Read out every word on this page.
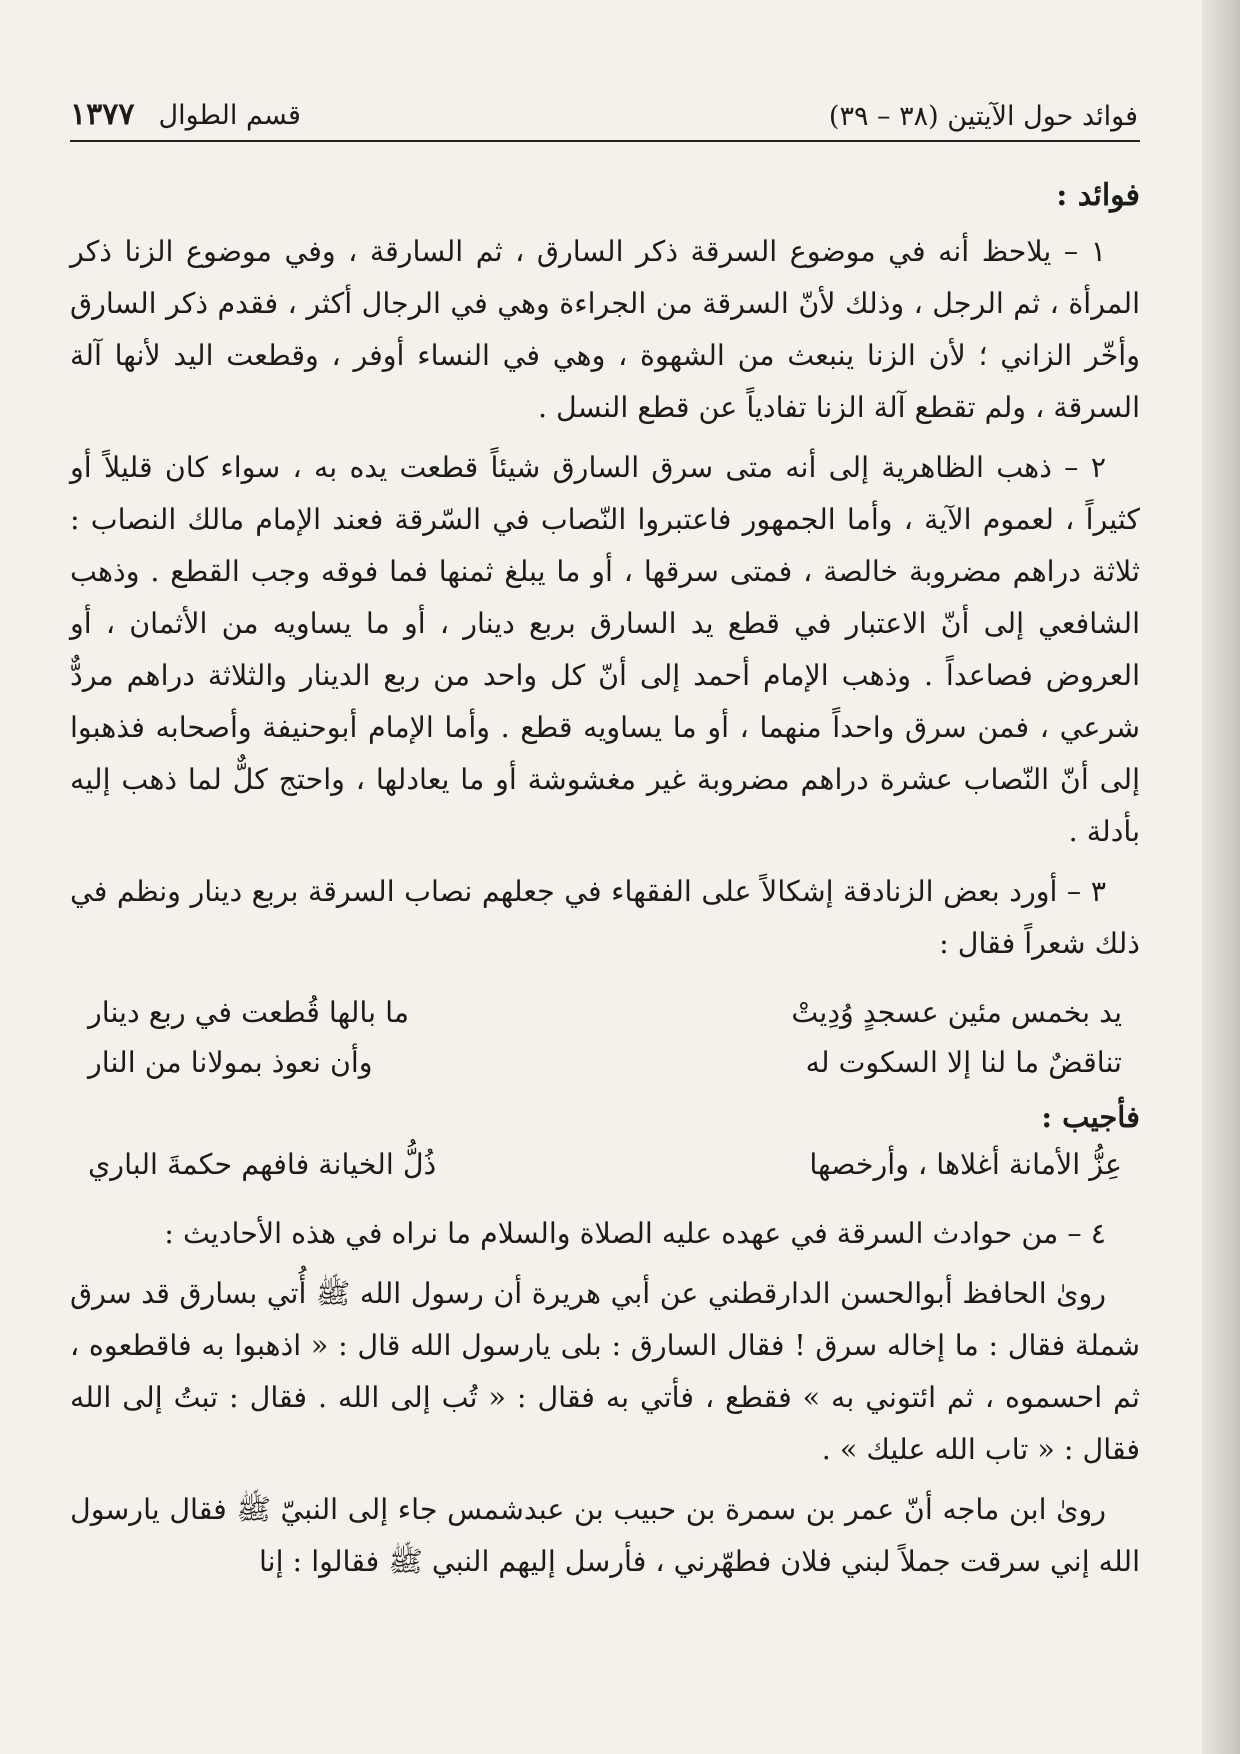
فوائد حول الآيتين (٣٨ – ٣٩)
قسم الطوال
١٣٧٧
فوائد :

١ – يلاحظ أنه في موضوع السرقة ذكر السارق ، ثم السارقة ، وفي موضوع الزنا ذكر المرأة ، ثم الرجل ، وذلك لأنّ السرقة من الجراءة وهي في الرجال أكثر ، فقدم ذكر السارق وأخّر الزاني ؛ لأن الزنا ينبعث من الشهوة ، وهي في النساء أوفر ، وقطعت اليد لأنها آلة السرقة ، ولم تقطع آلة الزنا تفادياً عن قطع النسل .

٢ – ذهب الظاهرية إلى أنه متى سرق السارق شيئاً قطعت يده به ، سواء كان قليلاً أو كثيراً ، لعموم الآية ، وأما الجمهور فاعتبروا النّصاب في السّرقة فعند الإمام مالك النصاب : ثلاثة دراهم مضروبة خالصة ، فمتى سرقها ، أو ما يبلغ ثمنها فما فوقه وجب القطع . وذهب الشافعي إلى أنّ الاعتبار في قطع يد السارق بربع دينار ، أو ما يساويه من الأثمان ، أو العروض فصاعداً . وذهب الإمام أحمد إلى أنّ كل واحد من ربع الدينار والثلاثة دراهم مردٌّ شرعي ، فمن سرق واحداً منهما ، أو ما يساويه قطع . وأما الإمام أبوحنيفة وأصحابه فذهبوا إلى أنّ النّصاب عشرة دراهم مضروبة غير مغشوشة أو ما يعادلها ، واحتج كلٌّ لما ذهب إليه بأدلة .

٣ – أورد بعض الزنادقة إشكالاً على الفقهاء في جعلهم نصاب السرقة بربع دينار ونظم في ذلك شعراً فقال :

يد بخمس مئين عسجدٍ وُدِيتْ
ما بالها قُطعت في ربع دينار
تناقضٌ ما لنا إلا السكوت له
وأن نعوذ بمولانا من النار
فأجيب :
عِزُّ الأمانة أغلاها ، وأرخصها
ذُلُّ الخيانة فافهم حكمةَ الباري

٤ – من حوادث السرقة في عهده عليه الصلاة والسلام ما نراه في هذه الأحاديث :

روىٰ الحافظ أبوالحسن الدارقطني عن أبي هريرة أن رسول الله ﷺ أُتي بسارق قد سرق شملة فقال : ما إخاله سرق ! فقال السارق : بلى يارسول الله قال : « اذهبوا به فاقطعوه ، ثم احسموه ، ثم ائتوني به » فقطع ، فأتي به فقال : « تُب إلى الله . فقال : تبتُ إلى الله فقال : « تاب الله عليك » .

روىٰ ابن ماجه أنّ عمر بن سمرة بن حبيب بن عبدشمس جاء إلى النبيّ ﷺ فقال يارسول الله إني سرقت جملاً لبني فلان فطهّرني ، فأرسل إليهم النبي ﷺ فقالوا : إنا
